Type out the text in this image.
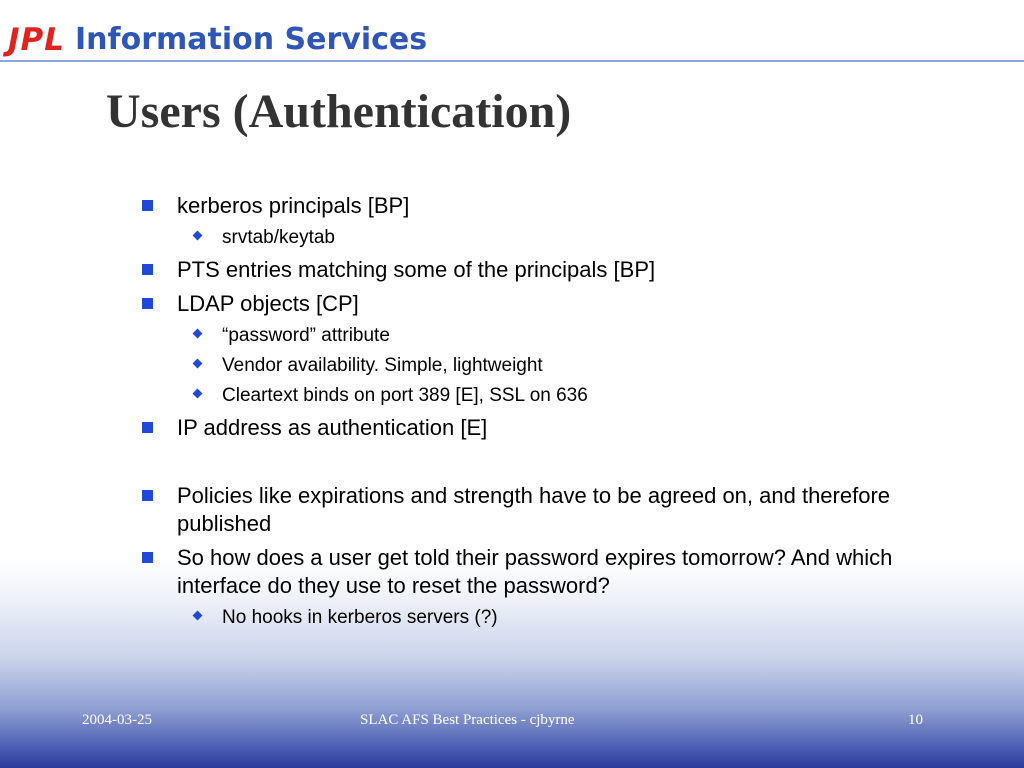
JPL Information Services
Users (Authentication)
kerberos principals [BP]
srvtab/keytab
PTS entries matching some of the principals [BP]
LDAP objects [CP]
“password” attribute
Vendor availability. Simple, lightweight
Cleartext binds on port 389 [E], SSL on 636
IP address as authentication [E]
Policies like expirations and strength have to be agreed on, and therefore published
So how does a user get told their password expires tomorrow? And which interface do they use to reset the password?
No hooks in kerberos servers (?)
2004-03-25	SLAC AFS Best Practices - cjbyrne	10
